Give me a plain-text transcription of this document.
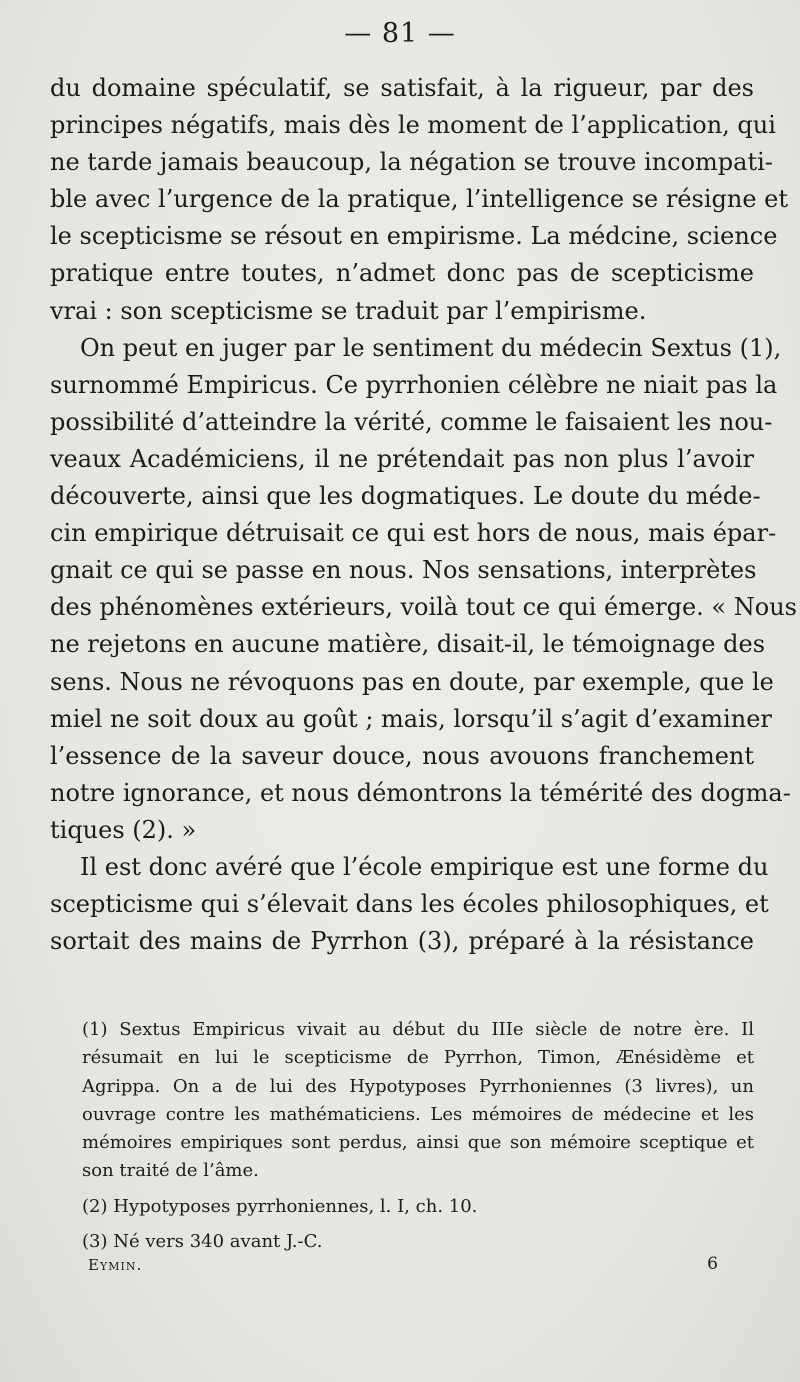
— 81 —
du domaine spéculatif, se satisfait, à la rigueur, par des
principes négatifs, mais dès le moment de l’application, qui
ne tarde jamais beaucoup, la négation se trouve incompati-
ble avec l’urgence de la pratique, l’intelligence se résigne et
le scepticisme se résout en empirisme. La médcine, science
pratique entre toutes, n’admet donc pas de scepticisme
vrai : son scepticisme se traduit par l’empirisme.
On peut en juger par le sentiment du médecin Sextus (1),
surnommé Empiricus. Ce pyrrhonien célèbre ne niait pas la
possibilité d’atteindre la vérité, comme le faisaient les nou-
veaux Académiciens, il ne prétendait pas non plus l’avoir
découverte, ainsi que les dogmatiques. Le doute du méde-
cin empirique détruisait ce qui est hors de nous, mais épar-
gnait ce qui se passe en nous. Nos sensations, interprètes
des phénomènes extérieurs, voilà tout ce qui émerge. « Nous
ne rejetons en aucune matière, disait-il, le témoignage des
sens. Nous ne révoquons pas en doute, par exemple, que le
miel ne soit doux au goût ; mais, lorsqu’il s’agit d’examiner
l’essence de la saveur douce, nous avouons franchement
notre ignorance, et nous démontrons la témérité des dogma-
tiques (2). »
Il est donc avéré que l’école empirique est une forme du
scepticisme qui s’élevait dans les écoles philosophiques, et
sortait des mains de Pyrrhon (3), préparé à la résistance
(1) Sextus Empiricus vivait au début du IIIe siècle de notre ère. Il
résumait en lui le scepticisme de Pyrrhon, Timon, Ænésidème et
Agrippa. On a de lui des Hypotyposes Pyrrhoniennes (3 livres), un
ouvrage contre les mathématiciens. Les mémoires de médecine et les
mémoires empiriques sont perdus, ainsi que son mémoire sceptique et
son traité de l’âme.
(2) Hypotyposes pyrrhoniennes, l. I, ch. 10.
(3) Né vers 340 avant J.-C.
Eymin.	6
